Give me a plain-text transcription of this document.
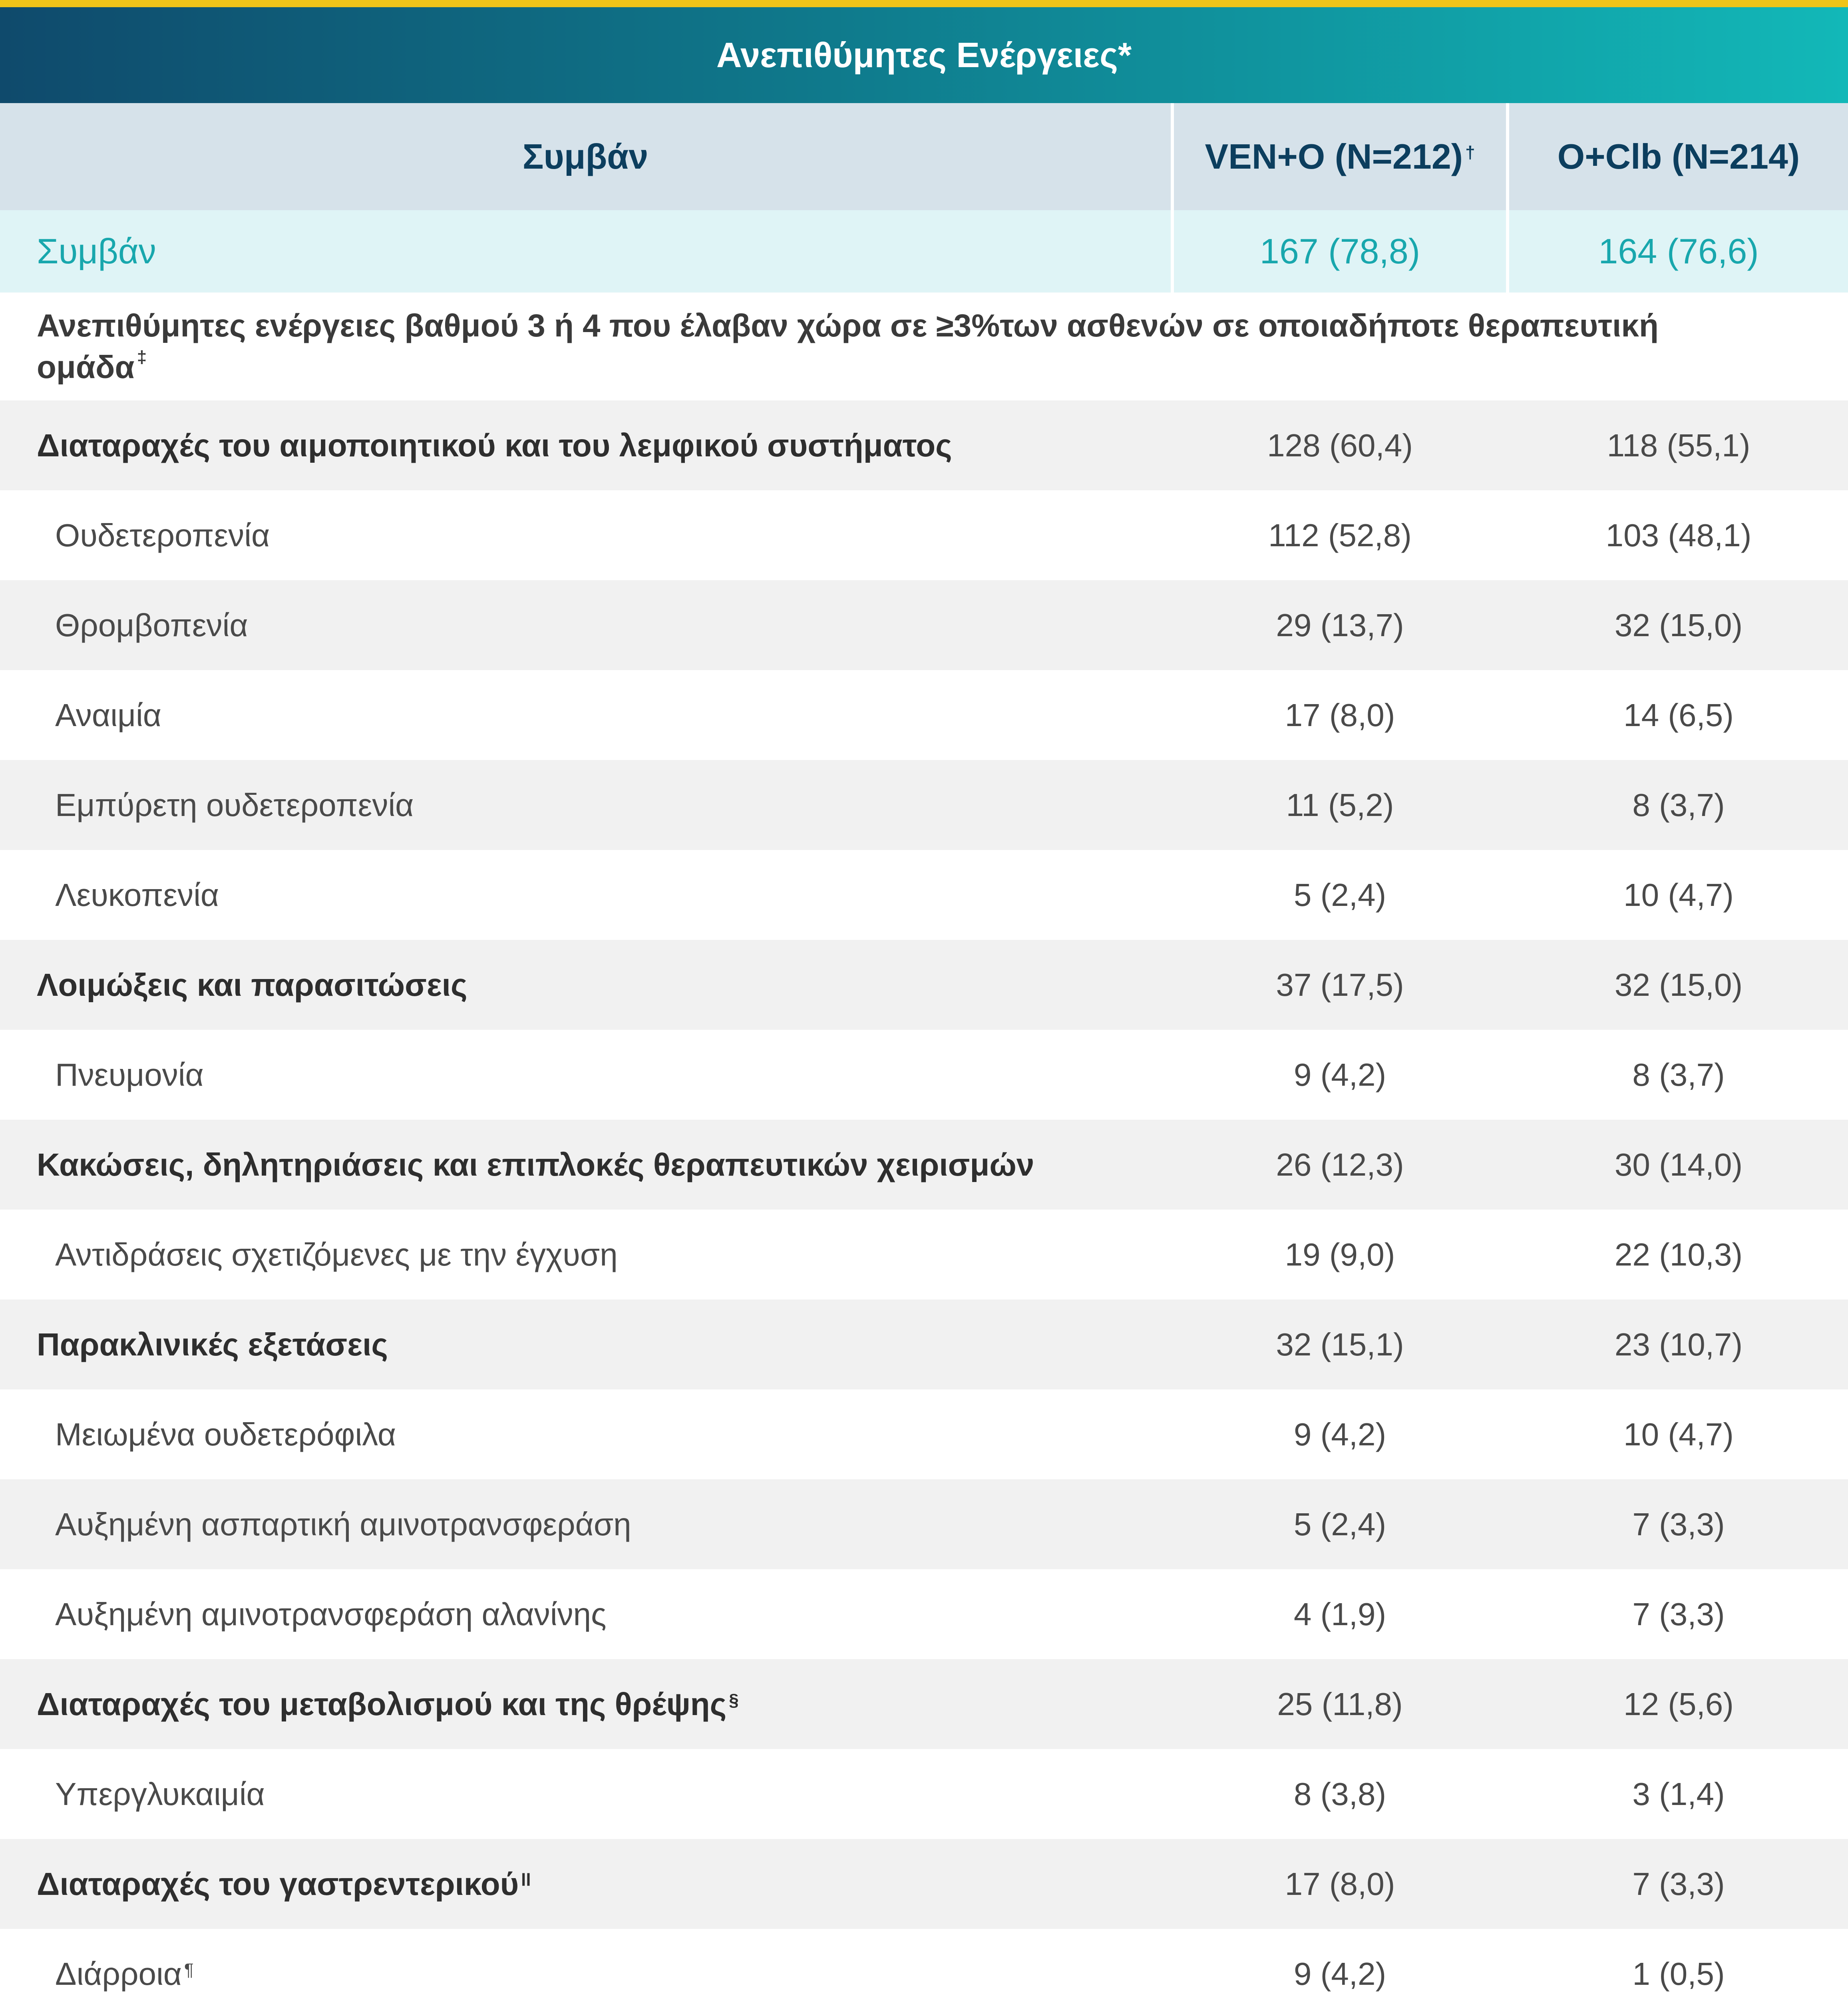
Ανεπιθύμητες Ενέργειες*
Συμβάν	VEN+O (N=212)† O+Clb (N=214)
Συμβάν	167 (78,8)	164 (76,6)
Ανεπιθύμητες ενέργειες βαθμού 3 ή 4 που έλαβαν χώρα σε ≥3%των ασθενών σε οποιαδήποτε θεραπευτική ομάδα ‡
Διαταραχές του αιμοποιητικού και του λεμφικού συστήματος	128 (60,4)	118 (55,1)
Ουδετεροπενία	112 (52,8)	103 (48,1)
Θρομβοπενία	29 (13,7)	32 (15,0)
Αναιμία	17 (8,0)	14 (6,5)
Εμπύρετη ουδετεροπενία	11 (5,2)	8 (3,7)
Λευκοπενία	5 (2,4)	10 (4,7)
Λοιμώξεις και παρασιτώσεις	37 (17,5)	32 (15,0)
Πνευμονία	9 (4,2)	8 (3,7)
Κακώσεις, δηλητηριάσεις και επιπλοκές θεραπευτικών χειρισμών	26 (12,3)	30 (14,0)
Αντιδράσεις σχετιζόμενες με την έγχυση	19 (9,0)	22 (10,3)
Παρακλινικές εξετάσεις	32 (15,1)	23 (10,7)
Μειωμένα ουδετερόφιλα	9 (4,2)	10 (4,7)
Αυξημένη ασπαρτική αμινοτρανσφεράση	5 (2,4)	7 (3,3)
Αυξημένη αμινοτρανσφεράση αλανίνης	4 (1,9)	7 (3,3)
Διαταραχές του μεταβολισμού και της θρέψης§	25 (11,8)	12 (5,6)
Υπεργλυκαιμία	8 (3,8)	3 (1,4)
Διαταραχές του γαστρεντερικού$^{ll}$	17 (8,0)	7 (3,3)
Διάρροια¶	9 (4,2)	1 (0,5)
